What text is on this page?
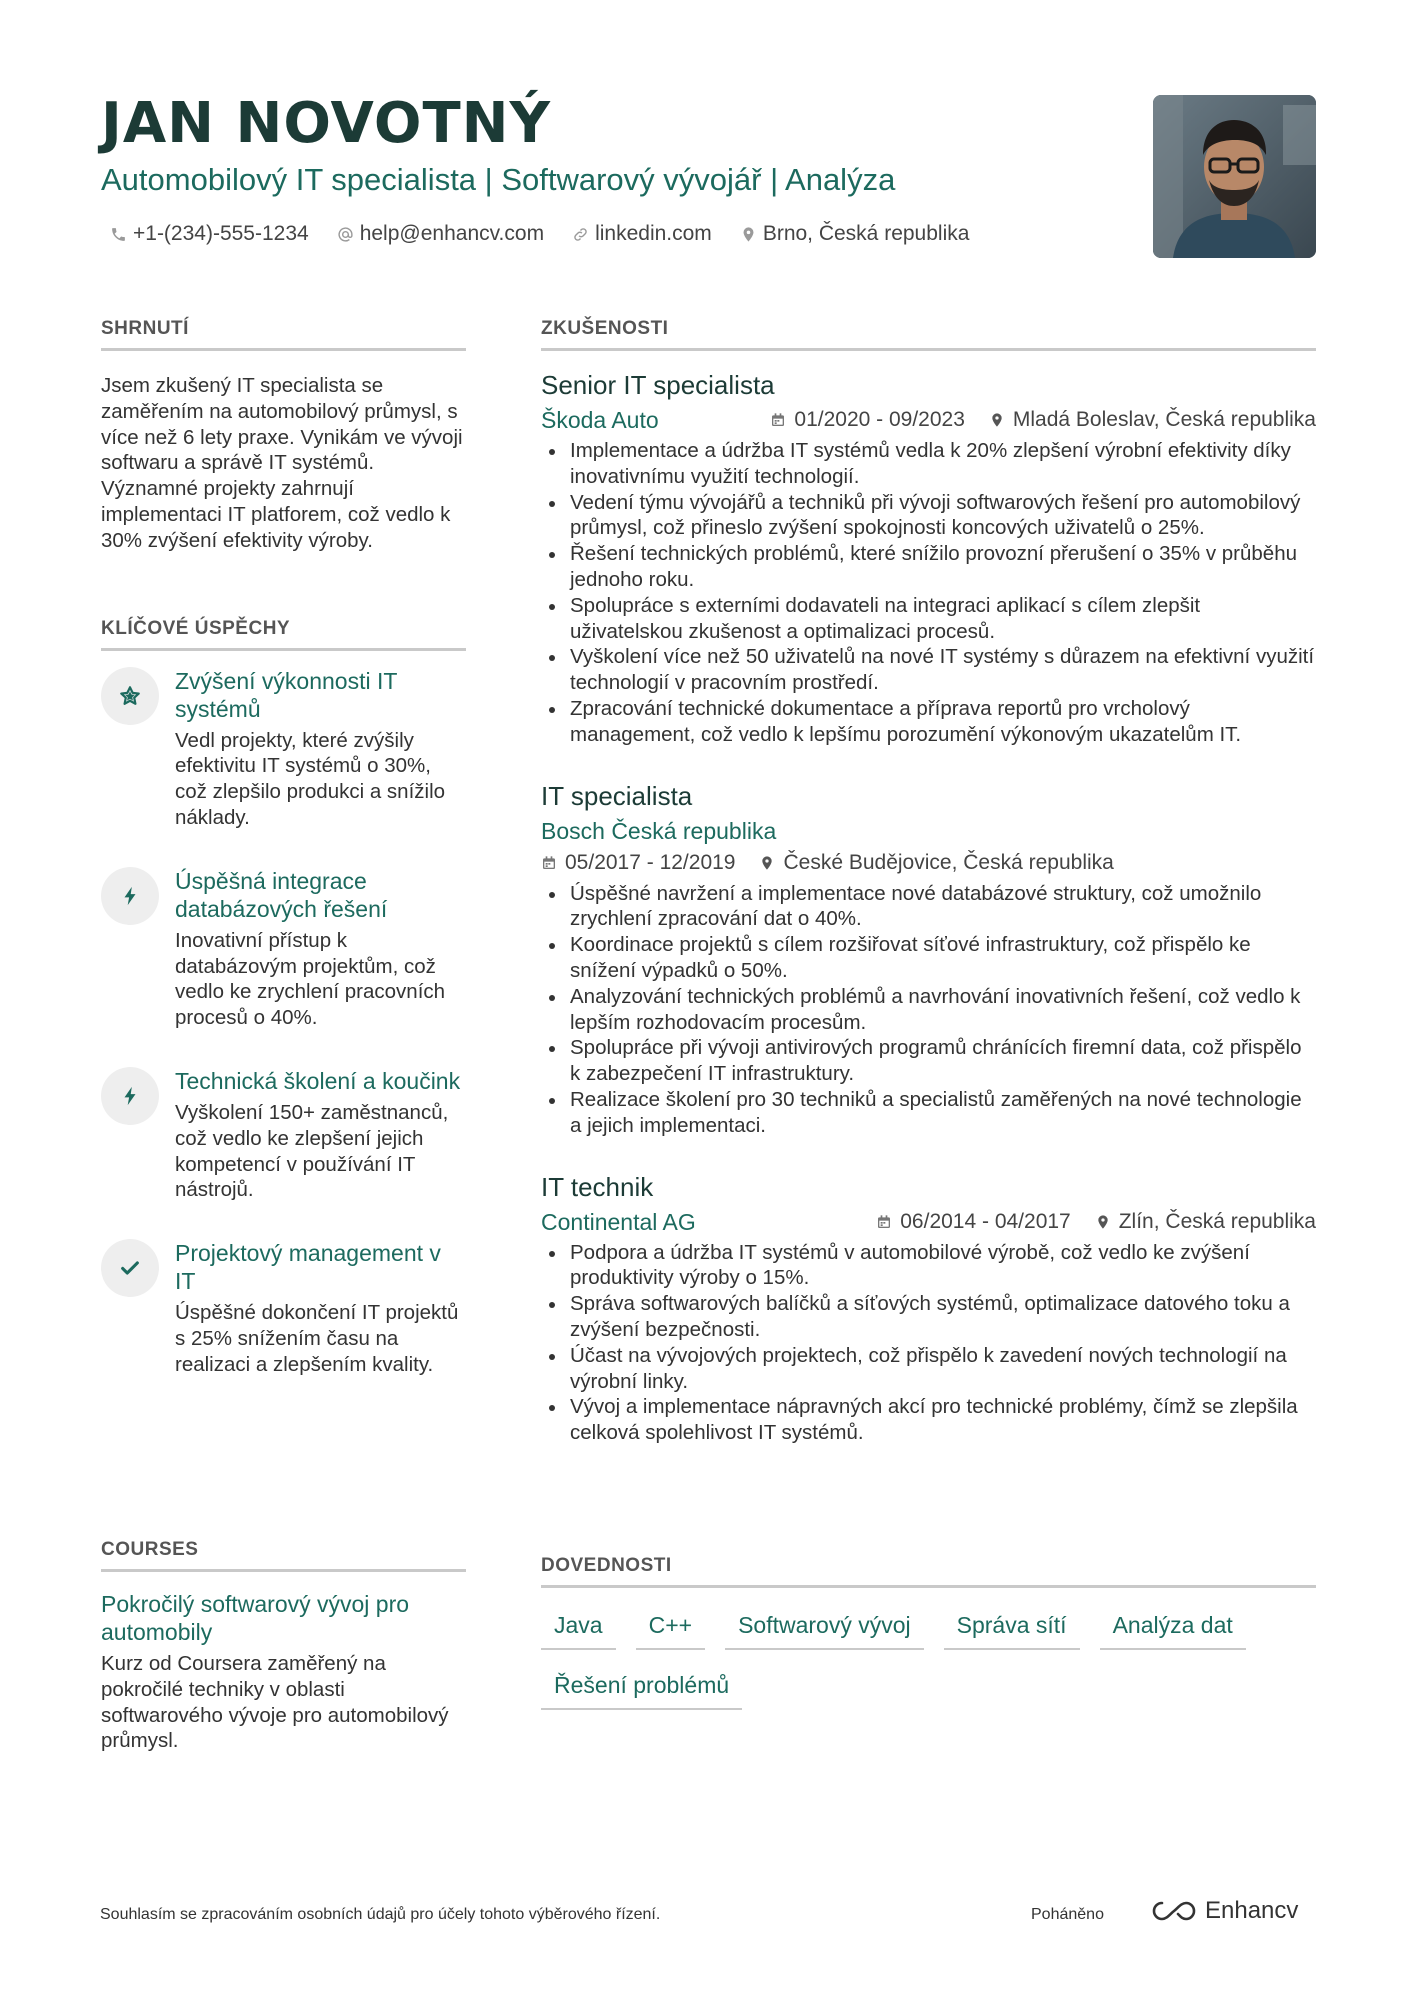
JAN NOVOTNÝ
Automobilový IT specialista | Softwarový vývojář | Analýza
+1-(234)-555-1234 help@enhancv.com linkedin.com Brno, Česká republika
SHRNUTÍ
Jsem zkušený IT specialista se zaměřením na automobilový průmysl, s více než 6 lety praxe. Vynikám ve vývoji softwaru a správě IT systémů. Významné projekty zahrnují implementaci IT platforem, což vedlo k 30% zvýšení efektivity výroby.
KLÍČOVÉ ÚSPĚCHY
Zvýšení výkonnosti IT systémů
Vedl projekty, které zvýšily efektivitu IT systémů o 30%, což zlepšilo produkci a snížilo náklady.
Úspěšná integrace databázových řešení
Inovativní přístup k databázovým projektům, což vedlo ke zrychlení pracovních procesů o 40%.
Technická školení a koučink
Vyškolení 150+ zaměstnanců, což vedlo ke zlepšení jejich kompetencí v používání IT nástrojů.
Projektový management v IT
Úspěšné dokončení IT projektů s 25% snížením času na realizaci a zlepšením kvality.
COURSES
Pokročilý softwarový vývoj pro automobily
Kurz od Coursera zaměřený na pokročilé techniky v oblasti softwarového vývoje pro automobilový průmysl.
ZKUŠENOSTI
Senior IT specialista
Škoda Auto	01/2020 - 09/2023 Mladá Boleslav, Česká republika
Implementace a údržba IT systémů vedla k 20% zlepšení výrobní efektivity díky inovativnímu využití technologií.
Vedení týmu vývojářů a techniků při vývoji softwarových řešení pro automobilový průmysl, což přineslo zvýšení spokojnosti koncových uživatelů o 25%.
Řešení technických problémů, které snížilo provozní přerušení o 35% v průběhu jednoho roku.
Spolupráce s externími dodavateli na integraci aplikací s cílem zlepšit uživatelskou zkušenost a optimalizaci procesů.
Vyškolení více než 50 uživatelů na nové IT systémy s důrazem na efektivní využití technologií v pracovním prostředí.
Zpracování technické dokumentace a příprava reportů pro vrcholový management, což vedlo k lepšímu porozumění výkonovým ukazatelům IT.
IT specialista
Bosch Česká republika
05/2017 - 12/2019 České Budějovice, Česká republika
Úspěšné navržení a implementace nové databázové struktury, což umožnilo zrychlení zpracování dat o 40%.
Koordinace projektů s cílem rozšiřovat síťové infrastruktury, což přispělo ke snížení výpadků o 50%.
Analyzování technických problémů a navrhování inovativních řešení, což vedlo k lepším rozhodovacím procesům.
Spolupráce při vývoji antivirových programů chránících firemní data, což přispělo k zabezpečení IT infrastruktury.
Realizace školení pro 30 techniků a specialistů zaměřených na nové technologie a jejich implementaci.
IT technik
Continental AG	06/2014 - 04/2017 Zlín, Česká republika
Podpora a údržba IT systémů v automobilové výrobě, což vedlo ke zvýšení produktivity výroby o 15%.
Správa softwarových balíčků a síťových systémů, optimalizace datového toku a zvýšení bezpečnosti.
Účast na vývojových projektech, což přispělo k zavedení nových technologií na výrobní linky.
Vývoj a implementace nápravných akcí pro technické problémy, čímž se zlepšila celková spolehlivost IT systémů.
DOVEDNOSTI
Java	C++	Softwarový vývoj	Správa sítí	Analýza dat
Řešení problémů
Souhlasím se zpracováním osobních údajů pro účely tohoto výběrového řízení.	Poháněno	Enhancv
